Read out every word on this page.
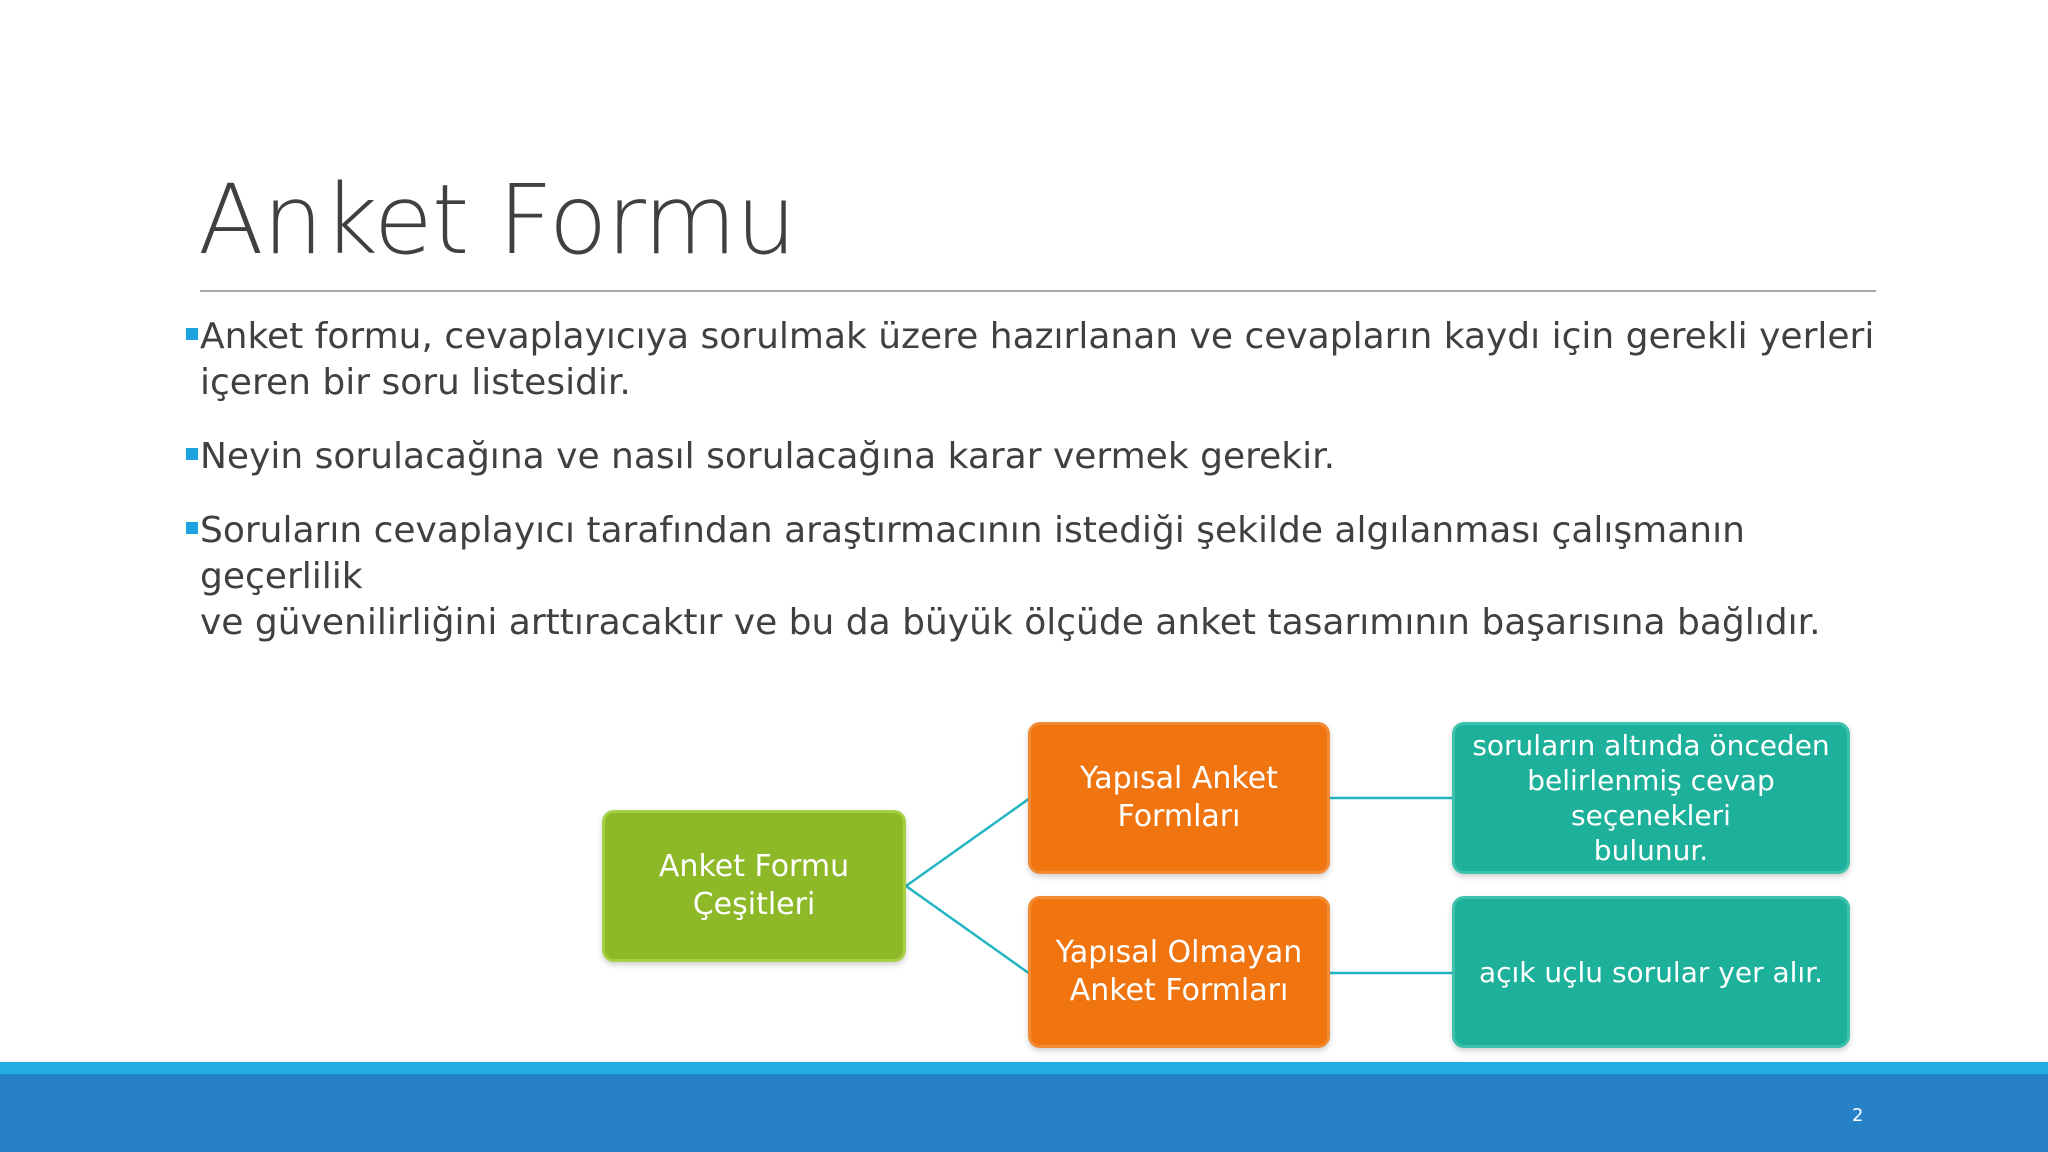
Anket Formu
Anket formu, cevaplayıcıya sorulmak üzere hazırlanan ve cevapların kaydı için gerekli yerleri
içeren bir soru listesidir.
Neyin sorulacağına ve nasıl sorulacağına karar vermek gerekir.
Soruların cevaplayıcı tarafından araştırmacının istediği şekilde algılanması çalışmanın geçerlilik
ve güvenilirliğini arttıracaktır ve bu da büyük ölçüde anket tasarımının başarısına bağlıdır.
Anket Formu
Çeşitleri
Yapısal Anket
Formları
Yapısal Olmayan
Anket Formları
soruların altında önceden
belirlenmiş cevap seçenekleri
bulunur.
açık uçlu sorular yer alır.
2
